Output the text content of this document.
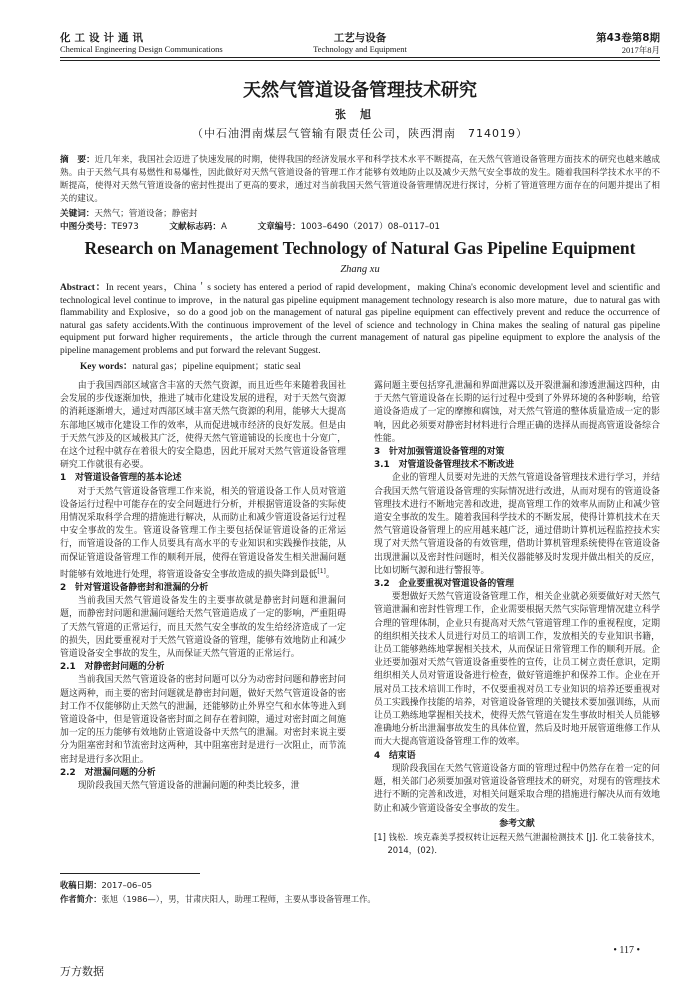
化工设计通讯	工艺与设备	第43卷第8期
Chemical Engineering Design Communications	Technology and Equipment	2017年8月
天然气管道设备管理技术研究
张旭
（中石油渭南煤层气管输有限责任公司，陕西渭南　714019）
摘　要：近几年来，我国社会迈进了快速发展的时期，使得我国的经济发展水平和科学技术水平不断提高，在天然气管道设备管理方面技术的研究也越来越成熟。由于天然气具有易燃性和易爆性，因此做好对天然气管道设备的管理工作才能够有效地防止以及减少天然气安全事故的发生。随着我国科学技术水平的不断提高，使得对天然气管道设备的密封性提出了更高的要求，通过对当前我国天然气管道设备管理情况进行探讨，分析了管道管理方面存在的问题并提出了相关的建议。
关键词：天然气；管道设备；静密封
中图分类号：TE973	文献标志码：A	文章编号：1003–6490（2017）08–0117–01
Research on Management Technology of Natural Gas Pipeline Equipment
Zhang xu
Abstract：In recent years，China＇s society has entered a period of rapid development，making China's economic development level and scientific and technological level continue to improve，in the natural gas pipeline equipment management technology research is also more mature，due to natural gas with flammability and Explosive，so do a good job on the management of natural gas pipeline equipment can effectively prevent and reduce the occurrence of natural gas safety accidents.With the continuous improvement of the level of science and technology in China makes the sealing of natural gas pipeline equipment put forward higher requirements，the article through the current management of natural gas pipeline equipment to explore the analysis of the pipeline management problems and put forward the relevant Suggest.
Key words：natural gas；pipeline equipment；static seal

由于我国西部区域富含丰富的天然气资源，而且近些年来随着我国社会发展的步伐逐渐加快，推进了城市化建设发展的进程，对于天然气资源的消耗逐渐增大，通过对西部区域丰富天然气资源的利用，能够大大提高东部地区城市化建设工作的效率，从而促进城市经济的良好发展。但是由于天然气涉及的区域极其广泛，使得天然气管道铺设的长度也十分宽广，在这个过程中就存在着很大的安全隐患，因此开展对天然气管道设备管理研究工作就很有必要。

1　对管道设备管理的基本论述

对于天然气管道设备管理工作来说，相关的管道设备工作人员对管道设备运行过程中可能存在的安全问题进行分析，并根据管道设备的实际使用情况采取科学合理的措施进行解决，从而防止和减少管道设备运行过程中安全事故的发生。管道设备管理工作主要包括保证管道设备的正常运行，而管道设备的工作人员要具有高水平的专业知识和实践操作技能，从而保证管道设备管理工作的顺利开展，使得在管道设备发生相关泄漏问题时能够有效地进行处理，将管道设备安全事故造成的损失降到最低[1]。

2　针对管道设备静密封和泄漏的分析

当前我国天然气管道设备发生的主要事故就是静密封问题和泄漏问题，而静密封问题和泄漏问题给天然气管道造成了一定的影响，严重阻碍了天然气管道的正常运行，而且天然气安全事故的发生给经济造成了一定的损失，因此要重视对于天然气管道设备的管理，能够有效地防止和减少管道设备安全事故的发生，从而保证天然气管道的正常运行。

2.1　对静密封问题的分析

当前我国天然气管道设备的密封问题可以分为动密封问题和静密封问题这两种，而主要的密封问题就是静密封问题，做好天然气管道设备的密封工作不仅能够防止天然气的泄漏，还能够防止外界空气和水体等进入到管道设备中，但是管道设备密封面之间存在着间隙，通过对密封面之间施加一定的压力能够有效地防止管道设备中天然气的泄漏。对密封来说主要分为阻塞密封和节流密封这两种，其中阻塞密封是进行一次阻止，而节流密封是进行多次阻止。

2.2　对泄漏问题的分析

现阶段我国天然气管道设备的泄漏问题的种类比较多，泄

露问题主要包括穿孔泄漏和界面泄露以及开裂泄漏和渗透泄漏这四种，由于天然气管道设备在长期的运行过程中受到了外界环境的各种影响，给管道设备造成了一定的摩擦和腐蚀，对天然气管道的整体质量造成一定的影响，因此必须要对静密封材料进行合理正确的选择从而提高管道设备综合性能。

3　针对加强管道设备管理的对策
3.1　对管道设备管理技术不断改进

企业的管理人员要对先进的天然气管道设备管理技术进行学习，并结合我国天然气管道设备管理的实际情况进行改进，从而对现有的管道设备管理技术进行不断地完善和改进，提高管理工作的效率从而防止和减少管道安全事故的发生。随着我国科学技术的不断发展，使得计算机技术在天然气管道设备管理上的应用越来越广泛，通过借助计算机远程监控技术实现了对天然气管道设备的有效管理，借助计算机管理系统使得在管道设备出现泄漏以及密封性问题时，相关仪器能够及时发现并做出相关的反应，比如切断气源和进行警报等。

3.2　企业要重视对管道设备的管理

要想做好天然气管道设备管理工作，相关企业就必须要做好对天然气管道泄漏和密封性管理工作，企业需要根据天然气实际管理情况建立科学合理的管理体制，企业只有提高对天然气管道管理工作的重视程度，定期的组织相关技术人员进行对员工的培训工作，发放相关的专业知识书籍，让员工能够熟练地掌握相关技术，从而保证日常管理工作的顺利开展。企业还要加强对天然气管道设备重要性的宣传，让员工树立责任意识，定期组织相关人员对管道设备进行检查，做好管道维护和保养工作。企业在开展对员工技术培训工作时，不仅要重视对员工专业知识的培养还要重视对员工实践操作技能的培养，对管道设备管理的关键技术要加强训练，从而让员工熟练地掌握相关技术，使得天然气管道在发生事故时相关人员能够准确地分析出泄漏事故发生的具体位置，然后及时地开展管道维修工作从而大大提高管道设备管理工作的效率。

4　结束语

现阶段我国在天然气管道设备方面的管理过程中仍然存在着一定的问题，相关部门必须要加强对管道设备管理技术的研究，对现有的管理技术进行不断的完善和改进，对相关问题采取合理的措施进行解决从而有效地防止和减少管道设备安全事故的发生。

参考文献

[1] 钱松．埃克森美孚授权转让远程天然气泄漏检测技术 [J]. 化工装备技术，2014，(02)．

收稿日期：2017–06–05
作者简介：张旭（1986—），男，甘肃庆阳人，助理工程师，主要从事设备管理工作。
• 117 •
万方数据
